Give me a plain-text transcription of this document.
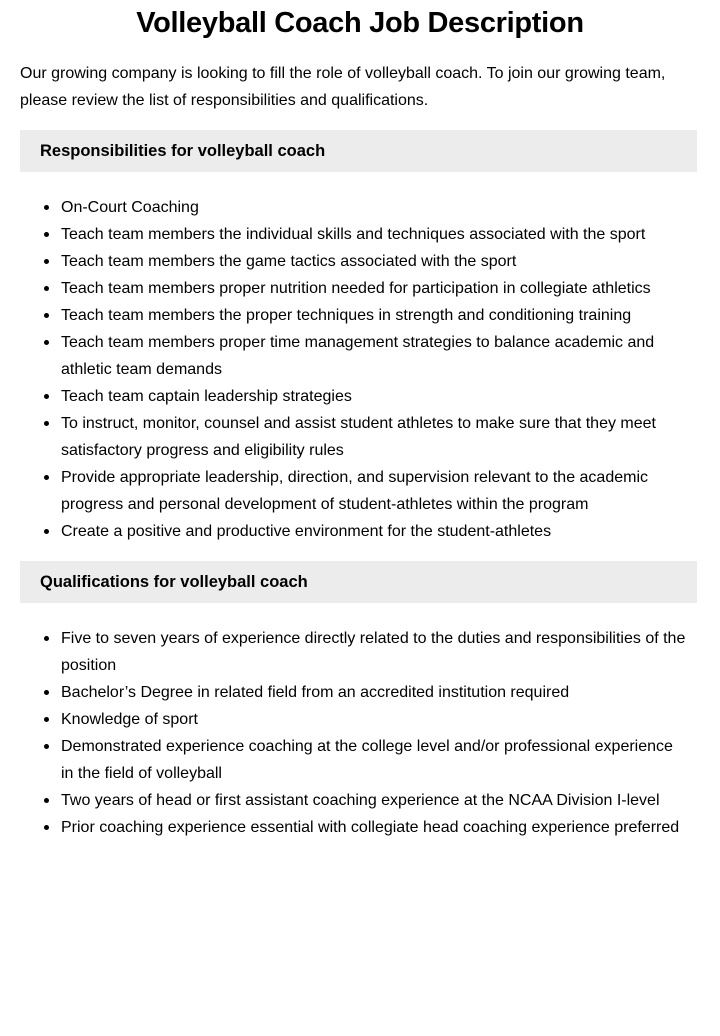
Volleyball Coach Job Description

Our growing company is looking to fill the role of volleyball coach. To join our growing team, please review the list of responsibilities and qualifications.

Responsibilities for volleyball coach
On-Court Coaching
Teach team members the individual skills and techniques associated with the sport
Teach team members the game tactics associated with the sport
Teach team members proper nutrition needed for participation in collegiate athletics
Teach team members the proper techniques in strength and conditioning training
Teach team members proper time management strategies to balance academic and athletic team demands
Teach team captain leadership strategies
To instruct, monitor, counsel and assist student athletes to make sure that they meet satisfactory progress and eligibility rules
Provide appropriate leadership, direction, and supervision relevant to the academic progress and personal development of student-athletes within the program
Create a positive and productive environment for the student-athletes
Qualifications for volleyball coach
Five to seven years of experience directly related to the duties and responsibilities of the position
Bachelor’s Degree in related field from an accredited institution required
Knowledge of sport
Demonstrated experience coaching at the college level and/or professional experience in the field of volleyball
Two years of head or first assistant coaching experience at the NCAA Division I-level
Prior coaching experience essential with collegiate head coaching experience preferred
